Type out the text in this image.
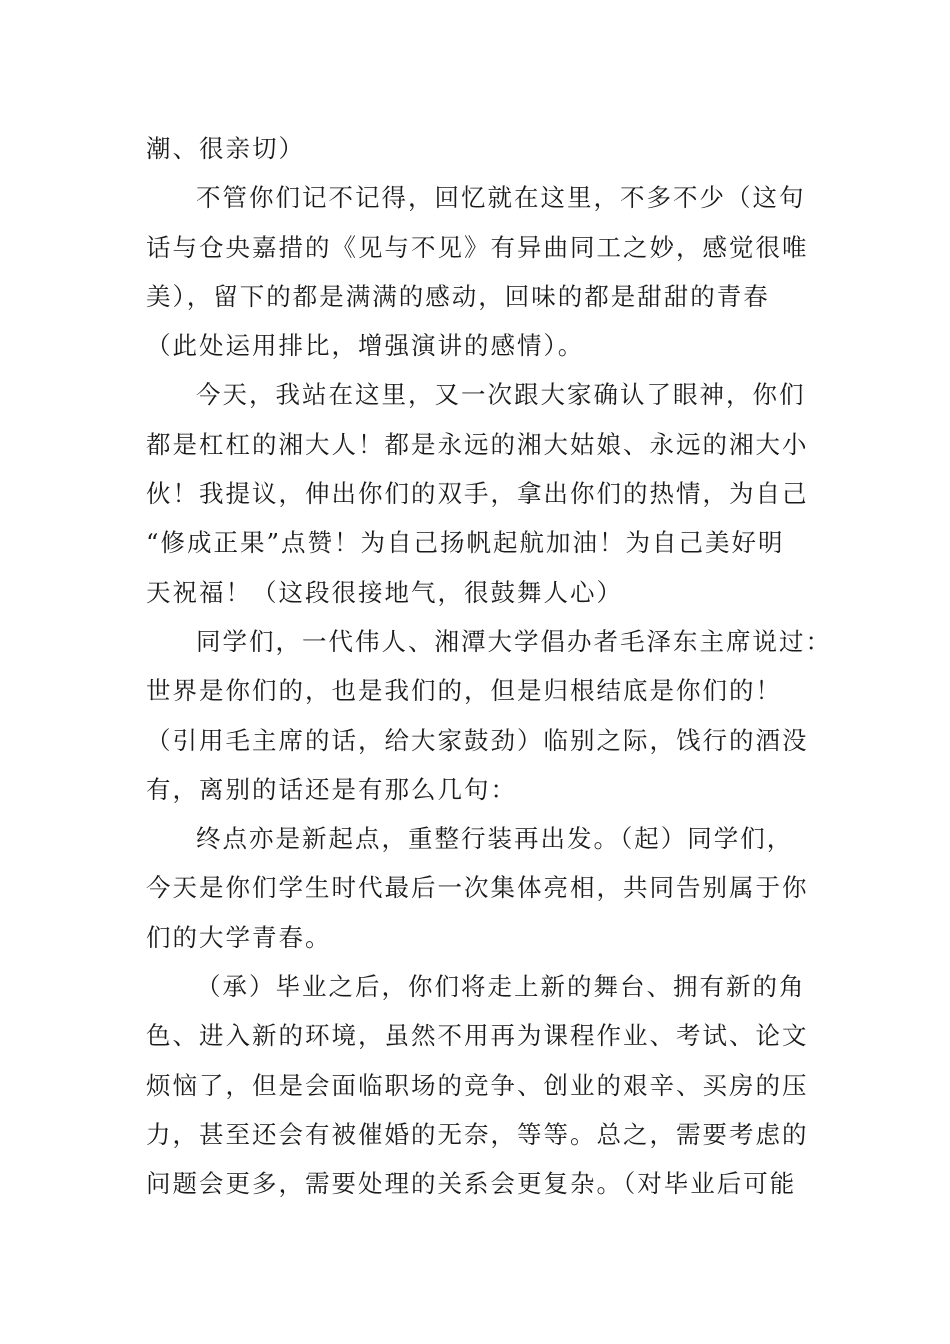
潮、很亲切）
不管你们记不记得，回忆就在这里，不多不少（这句
话与仓央嘉措的《见与不见》有异曲同工之妙，感觉很唯
美），留下的都是满满的感动，回味的都是甜甜的青春
（此处运用排比，增强演讲的感情）。
今天，我站在这里，又一次跟大家确认了眼神，你们
都是杠杠的湘大人！都是永远的湘大姑娘、永远的湘大小
伙！我提议，伸出你们的双手，拿出你们的热情，为自己
“修成正果”点赞！为自己扬帆起航加油！为自己美好明
天祝福！（这段很接地气，很鼓舞人心）
同学们，一代伟人、湘潭大学倡办者毛泽东主席说过：
世界是你们的，也是我们的，但是归根结底是你们的！
（引用毛主席的话，给大家鼓劲）临别之际，饯行的酒没
有，离别的话还是有那么几句：
终点亦是新起点，重整行装再出发。（起）同学们，
今天是你们学生时代最后一次集体亮相，共同告别属于你
们的大学青春。
（承）毕业之后，你们将走上新的舞台、拥有新的角
色、进入新的环境，虽然不用再为课程作业、考试、论文
烦恼了，但是会面临职场的竞争、创业的艰辛、买房的压
力，甚至还会有被催婚的无奈，等等。总之，需要考虑的
问题会更多，需要处理的关系会更复杂。（对毕业后可能
